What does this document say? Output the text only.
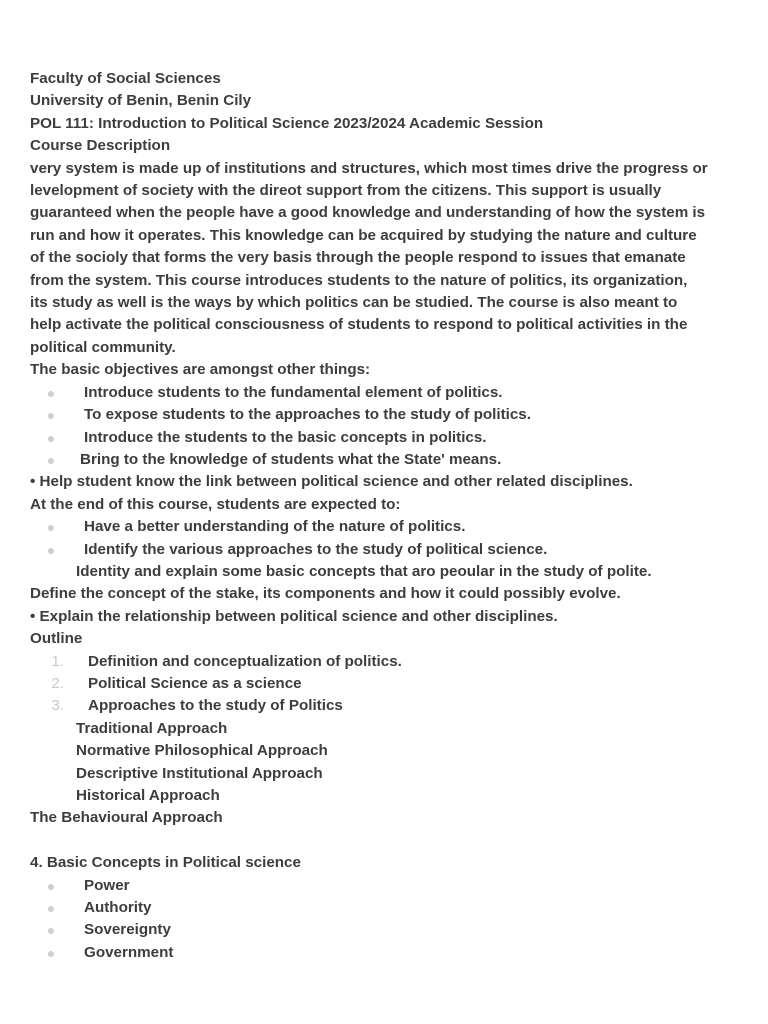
Faculty of Social Sciences
University of Benin, Benin Cily
POL 111: Introduction to Political Science 2023/2024 Academic Session
Course Description
very system is made up of institutions and structures, which most times drive the progress or
levelopment of society with the direot support from the citizens. This support is usually
guaranteed when the people have a good knowledge and understanding of how the system is
run and how it operates. This knowledge can be acquired by studying the nature and culture
of the socioly that forms the very basis through the people respond to issues that emanate
from the system. This course introduces students to the nature of politics, its organization,
its study as well is the ways by which politics can be studied. The course is also meant to
help activate the political consciousness of students to respond to political activities in the
political community.
The basic objectives are amongst other things:
● Introduce students to the fundamental element of politics.
● To expose students to the approaches to the study of politics.
● Introduce the students to the basic concepts in politics.
● Bring to the knowledge of students what the State' means.
• Help student know the link between political science and other related disciplines.
At the end of this course, students are expected to:
● Have a better understanding of the nature of politics.
● Identify the various approaches to the study of political science.
Identity and explain some basic concepts that aro peoular in the study of polite.
Define the concept of the stake, its components and how it could possibly evolve.
• Explain the relationship between political science and other disciplines.
Outline
1. Definition and conceptualization of politics.
2. Political Science as a science
3. Approaches to the study of Politics
Traditional Approach
Normative Philosophical Approach
Descriptive Institutional Approach
Historical Approach
The Behavioural Approach
4. Basic Concepts in Political science
● Power
● Authority
● Sovereignty
● Government
